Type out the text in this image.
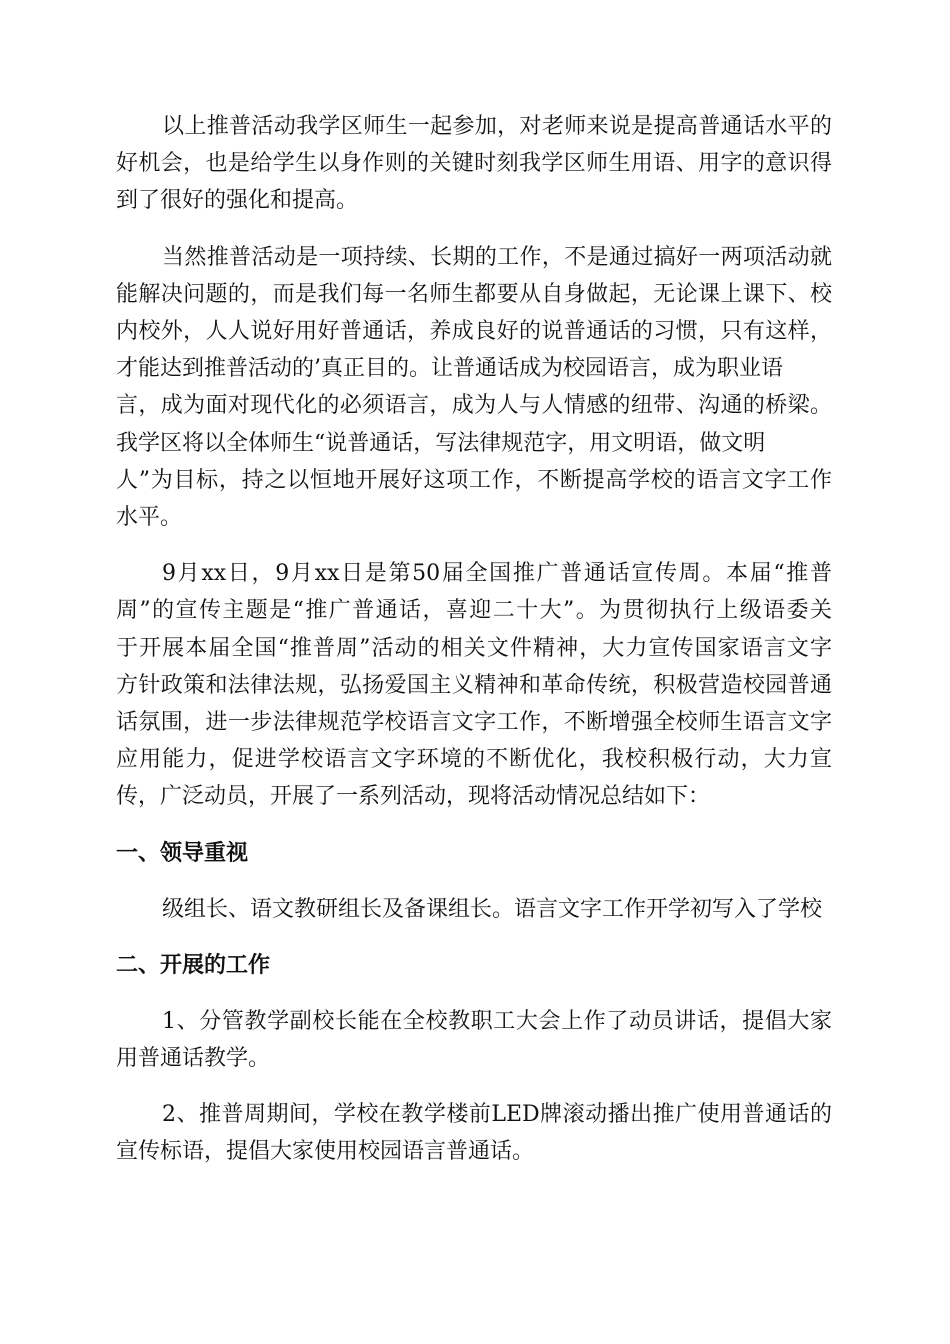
以上推普活动我学区师生一起参加，对老师来说是提高普通话水平的
好机会，也是给学生以身作则的关键时刻我学区师生用语、用字的意识得
到了很好的强化和提高。

当然推普活动是一项持续、长期的工作，不是通过搞好一两项活动就
能解决问题的，而是我们每一名师生都要从自身做起，无论课上课下、校
内校外，人人说好用好普通话，养成良好的说普通话的习惯，只有这样，
才能达到推普活动的’真正目的。让普通话成为校园语言，成为职业语
言，成为面对现代化的必须语言，成为人与人情感的纽带、沟通的桥梁。
我学区将以全体师生“说普通话，写法律规范字，用文明语，做文明
人”为目标，持之以恒地开展好这项工作，不断提高学校的语言文字工作
水平。

9月xx日，9月xx日是第50届全国推广普通话宣传周。本届“推普
周”的宣传主题是“推广普通话，喜迎二十大”。为贯彻执行上级语委关
于开展本届全国“推普周”活动的相关文件精神，大力宣传国家语言文字
方针政策和法律法规，弘扬爱国主义精神和革命传统，积极营造校园普通
话氛围，进一步法律规范学校语言文字工作，不断增强全校师生语言文字
应用能力，促进学校语言文字环境的不断优化，我校积极行动，大力宣
传，广泛动员，开展了一系列活动，现将活动情况总结如下：

一、领导重视

级组长、语文教研组长及备课组长。语言文字工作开学初写入了学校

二、开展的工作

1、分管教学副校长能在全校教职工大会上作了动员讲话，提倡大家
用普通话教学。

2、推普周期间，学校在教学楼前LED牌滚动播出推广使用普通话的
宣传标语，提倡大家使用校园语言普通话。
